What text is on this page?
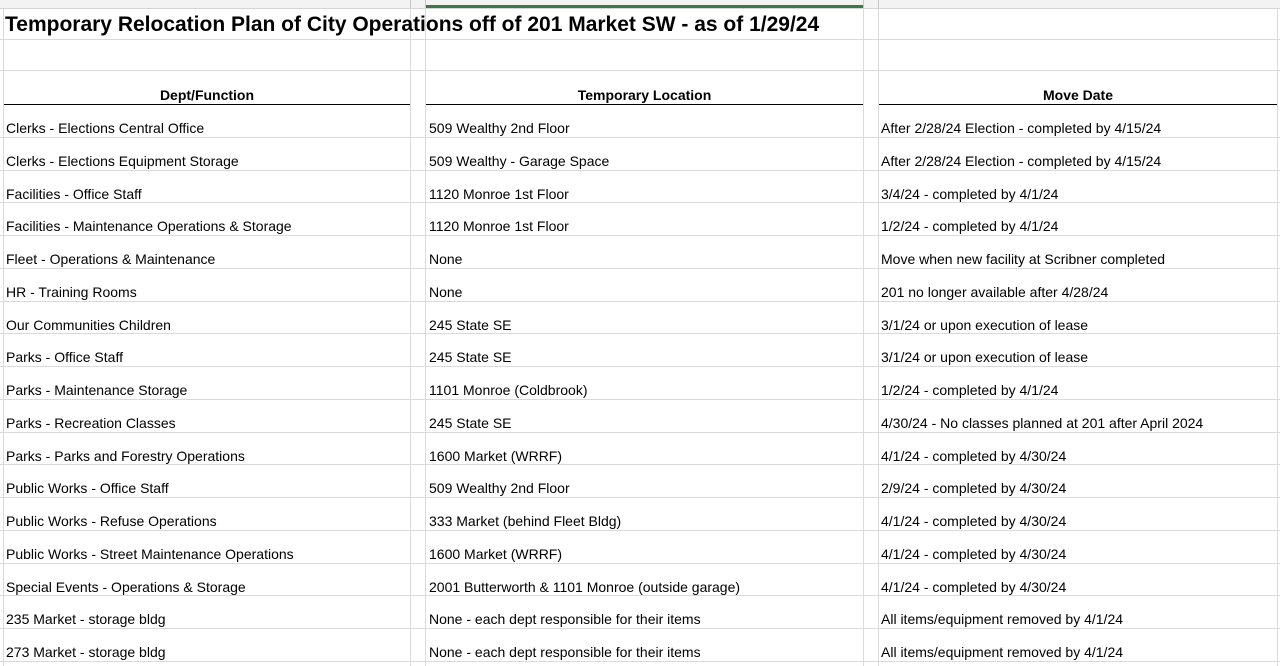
Temporary Relocation Plan of City Operations off of 201 Market SW - as of 1/29/24
Dept/Function	Temporary Location	Move Date
Clerks - Elections Central Office	509 Wealthy 2nd Floor	After 2/28/24 Election - completed by 4/15/24
Clerks - Elections Equipment Storage	509 Wealthy - Garage Space	After 2/28/24 Election - completed by 4/15/24
Facilities - Office Staff	1120 Monroe 1st Floor	3/4/24 - completed by 4/1/24
Facilities - Maintenance Operations & Storage	1120 Monroe 1st Floor	1/2/24 - completed by 4/1/24
Fleet - Operations & Maintenance	None	Move when new facility at Scribner completed
HR - Training Rooms	None	201 no longer available after 4/28/24
Our Communities Children	245 State SE	3/1/24 or upon execution of lease
Parks - Office Staff	245 State SE	3/1/24 or upon execution of lease
Parks - Maintenance Storage	1101 Monroe (Coldbrook)	1/2/24 - completed by 4/1/24
Parks - Recreation Classes	245 State SE	4/30/24 - No classes planned at 201 after April 2024
Parks - Parks and Forestry Operations	1600 Market (WRRF)	4/1/24 - completed by 4/30/24
Public Works - Office Staff	509 Wealthy 2nd Floor	2/9/24 - completed by 4/30/24
Public Works - Refuse Operations	333 Market (behind Fleet Bldg)	4/1/24 - completed by 4/30/24
Public Works - Street Maintenance Operations	1600 Market (WRRF)	4/1/24 - completed by 4/30/24
Special Events - Operations & Storage	2001 Butterworth & 1101 Monroe (outside garage)	4/1/24 - completed by 4/30/24
235 Market - storage bldg	None - each dept responsible for their items	All items/equipment removed by 4/1/24
273 Market - storage bldg	None - each dept responsible for their items	All items/equipment removed by 4/1/24
